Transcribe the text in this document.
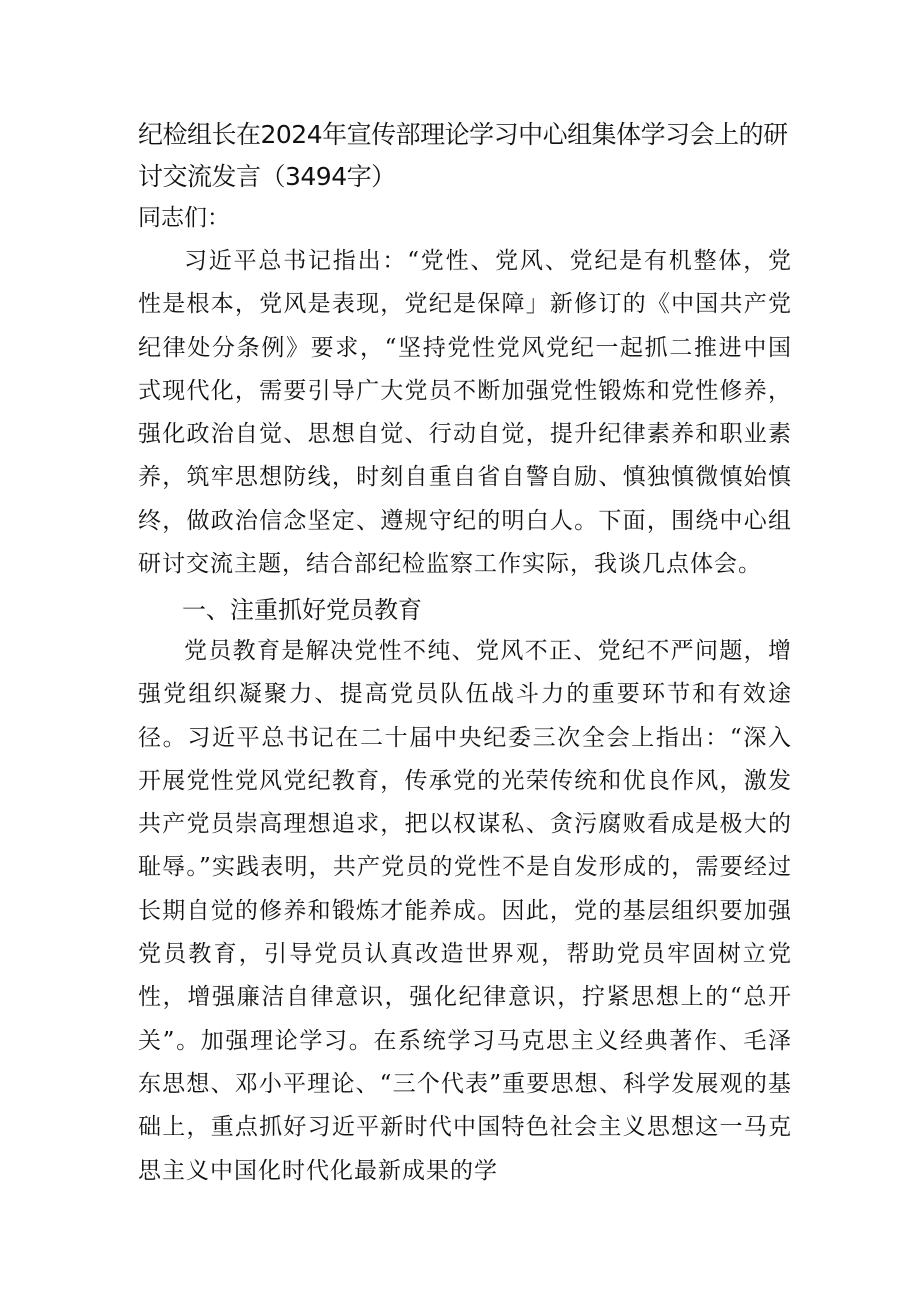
纪检组长在2024年宣传部理论学习中心组集体学习会上的研讨交流发言（3494字）

同志们：

习近平总书记指出：“党性、党风、党纪是有机整体，党性是根本，党风是表现，党纪是保障」新修订的《中国共产党纪律处分条例》要求，“坚持党性党风党纪一起抓二推进中国式现代化，需要引导广大党员不断加强党性锻炼和党性修养，强化政治自觉、思想自觉、行动自觉，提升纪律素养和职业素养，筑牢思想防线，时刻自重自省自警自励、慎独慎微慎始慎终，做政治信念坚定、遵规守纪的明白人。下面，围绕中心组研讨交流主题，结合部纪检监察工作实际，我谈几点体会。

一、注重抓好党员教育

党员教育是解决党性不纯、党风不正、党纪不严问题，增强党组织凝聚力、提高党员队伍战斗力的重要环节和有效途径。习近平总书记在二十届中央纪委三次全会上指出：“深入开展党性党风党纪教育，传承党的光荣传统和优良作风，激发共产党员崇高理想追求，把以权谋私、贪污腐败看成是极大的耻辱。”实践表明，共产党员的党性不是自发形成的，需要经过长期自觉的修养和锻炼才能养成。因此，党的基层组织要加强党员教育，引导党员认真改造世界观，帮助党员牢固树立党性，增强廉洁自律意识，强化纪律意识，拧紧思想上的“总开关”。加强理论学习。在系统学习马克思主义经典著作、毛泽东思想、邓小平理论、“三个代表”重要思想、科学发展观的基础上，重点抓好习近平新时代中国特色社会主义思想这一马克思主义中国化时代化最新成果的学
